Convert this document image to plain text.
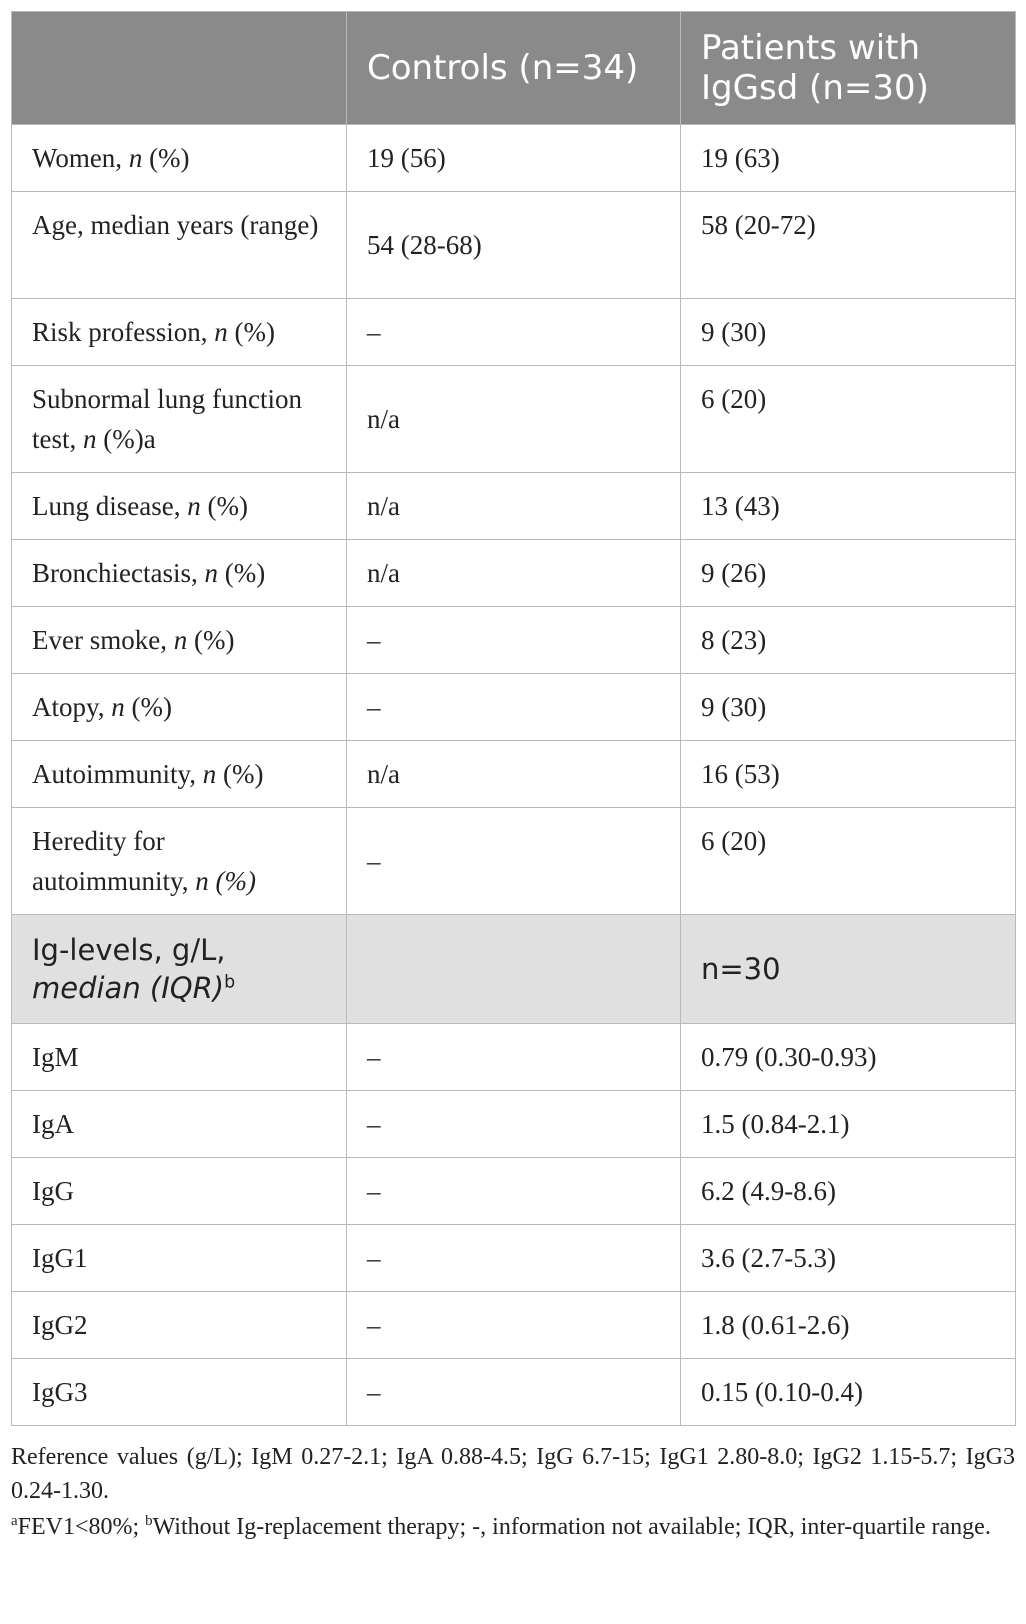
	Controls (n=34)	Patients with IgGsd (n=30)
Women, n (%)	19 (56)	19 (63)
Age, median years (range)	54 (28-68)	58 (20-72)
Risk profession, n (%)	–	9 (30)
Subnormal lung function test, n (%)a	n/a	6 (20)
Lung disease, n (%)	n/a	13 (43)
Bronchiectasis, n (%)	n/a	9 (26)
Ever smoke, n (%)	–	8 (23)
Atopy, n (%)	–	9 (30)
Autoimmunity, n (%)	n/a	16 (53)
Heredity for autoimmunity, n (%)	–	6 (20)
Ig-levels, g/L,
median (IQR)$^b$		n=30
IgM	–	0.79 (0.30-0.93)
IgA	–	1.5 (0.84-2.1)
IgG	–	6.2 (4.9-8.6)
IgG1	–	3.6 (2.7-5.3)
IgG2	–	1.8 (0.61-2.6)
IgG3	–	0.15 (0.10-0.4)

Reference values (g/L); IgM 0.27-2.1; IgA 0.88-4.5; IgG 6.7-15; IgG1 2.80-8.0; IgG2 1.15-5.7; IgG3 0.24-1.30.

$^a$FEV1<80%; $^b$Without Ig-replacement therapy; -, information not available; IQR, inter-quartile range.
